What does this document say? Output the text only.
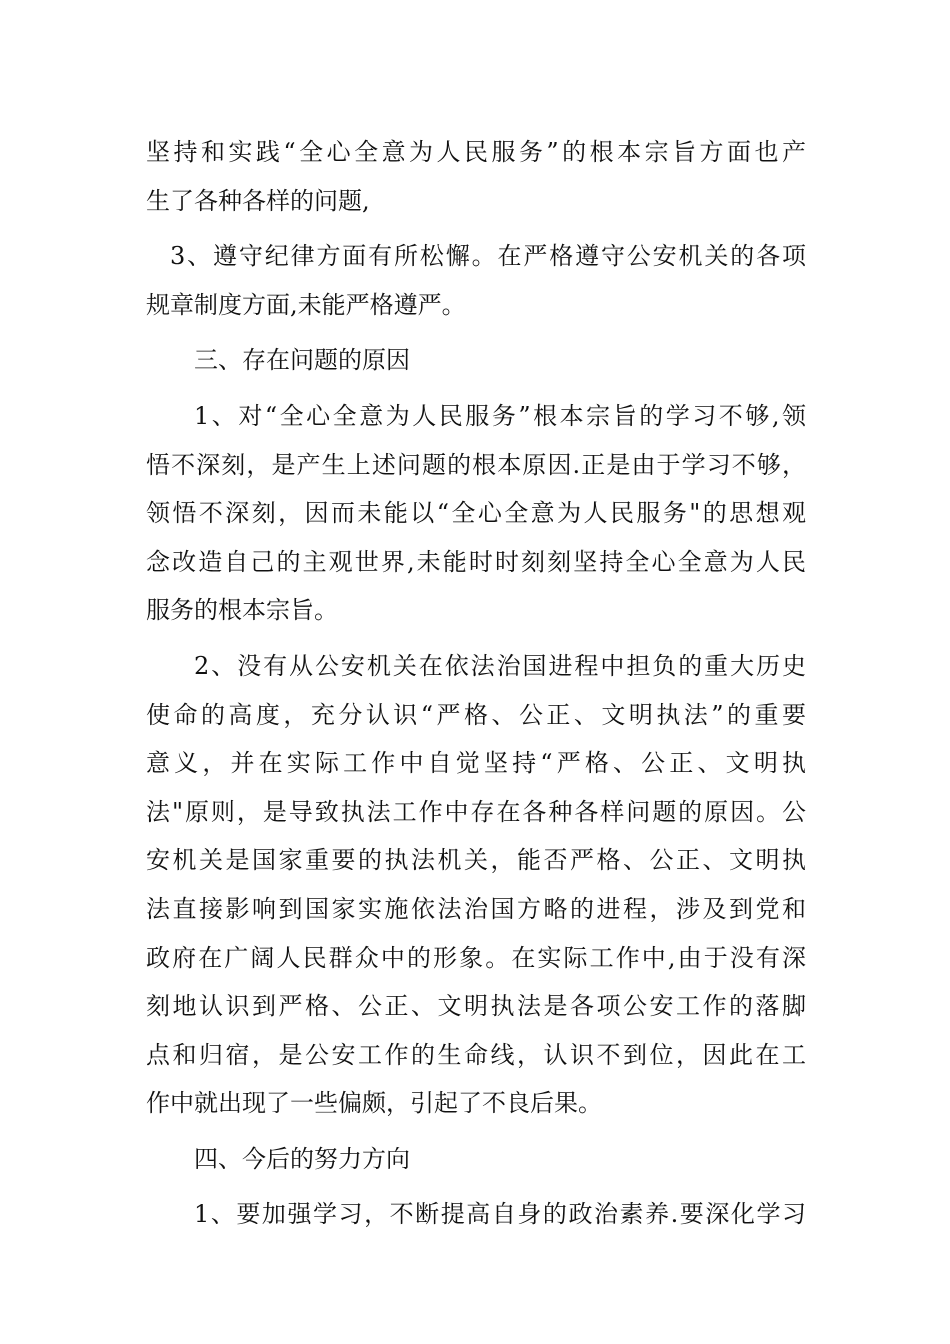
坚持和实践“全心全意为人民服务”的根本宗旨方面也产
生了各种各样的问题,
3、遵守纪律方面有所松懈。在严格遵守公安机关的各项
规章制度方面,未能严格遵严。
三、存在问题的原因
1、对“全心全意为人民服务”根本宗旨的学习不够,领
悟不深刻，是产生上述问题的根本原因.正是由于学习不够，
领悟不深刻，因而未能以“全心全意为人民服务"的思想观
念改造自己的主观世界,未能时时刻刻坚持全心全意为人民
服务的根本宗旨。
2、没有从公安机关在依法治国进程中担负的重大历史
使命的高度，充分认识“严格、公正、文明执法”的重要
意义，并在实际工作中自觉坚持“严格、公正、文明执
法"原则，是导致执法工作中存在各种各样问题的原因。公
安机关是国家重要的执法机关，能否严格、公正、文明执
法直接影响到国家实施依法治国方略的进程，涉及到党和
政府在广阔人民群众中的形象。在实际工作中,由于没有深
刻地认识到严格、公正、文明执法是各项公安工作的落脚
点和归宿，是公安工作的生命线，认识不到位，因此在工
作中就出现了一些偏颇，引起了不良后果。
四、今后的努力方向
1、要加强学习，不断提高自身的政治素养.要深化学习
